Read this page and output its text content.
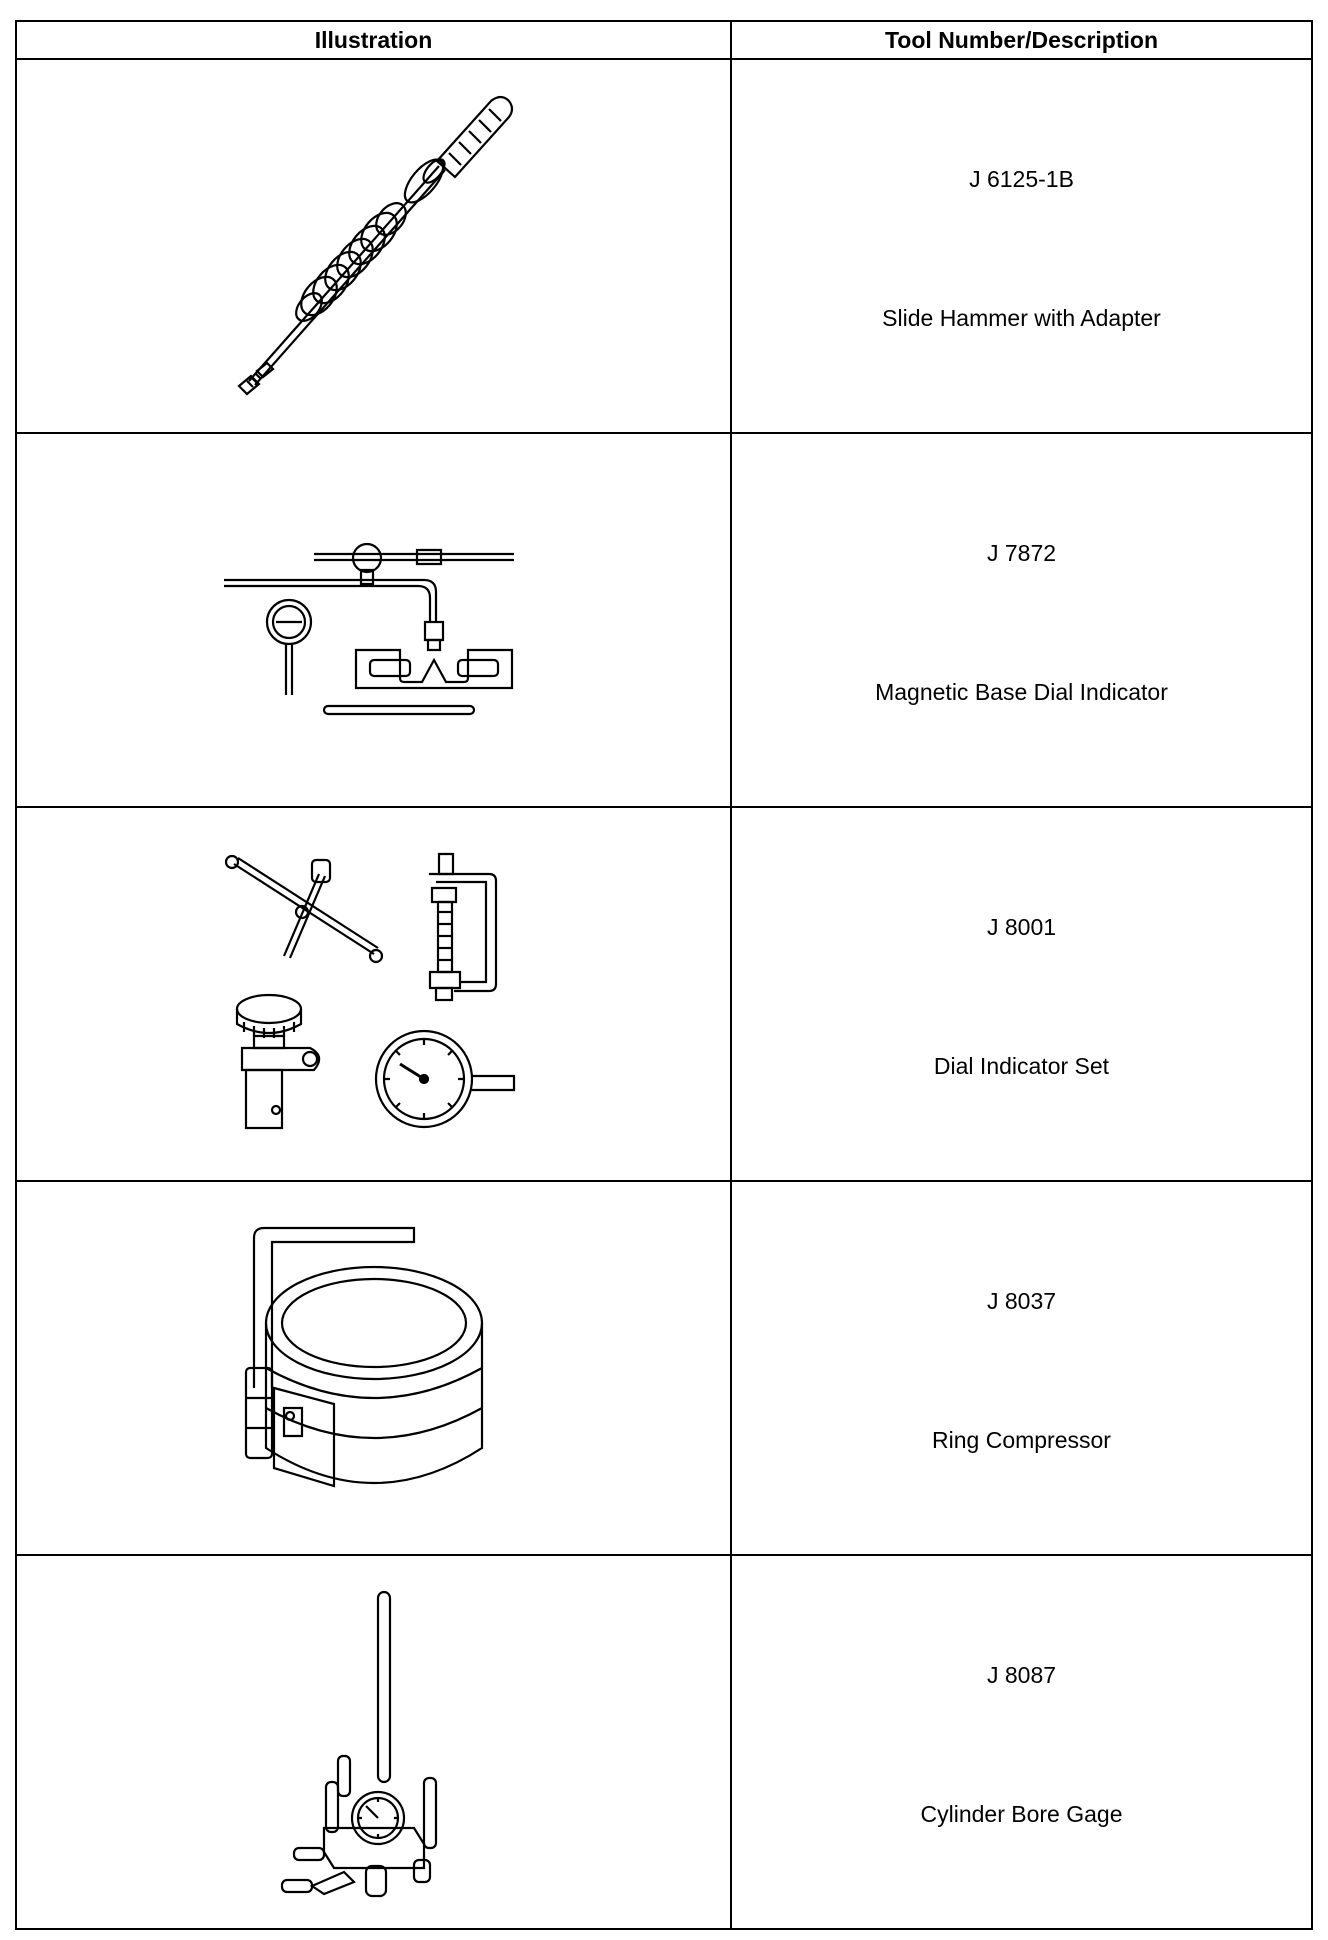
Illustration	Tool Number/Description

J 6125-1B
Slide Hammer with Adapter

J 7872
Magnetic Base Dial Indicator

J 8001
Dial Indicator Set

J 8037
Ring Compressor

J 8087
Cylinder Bore Gage
